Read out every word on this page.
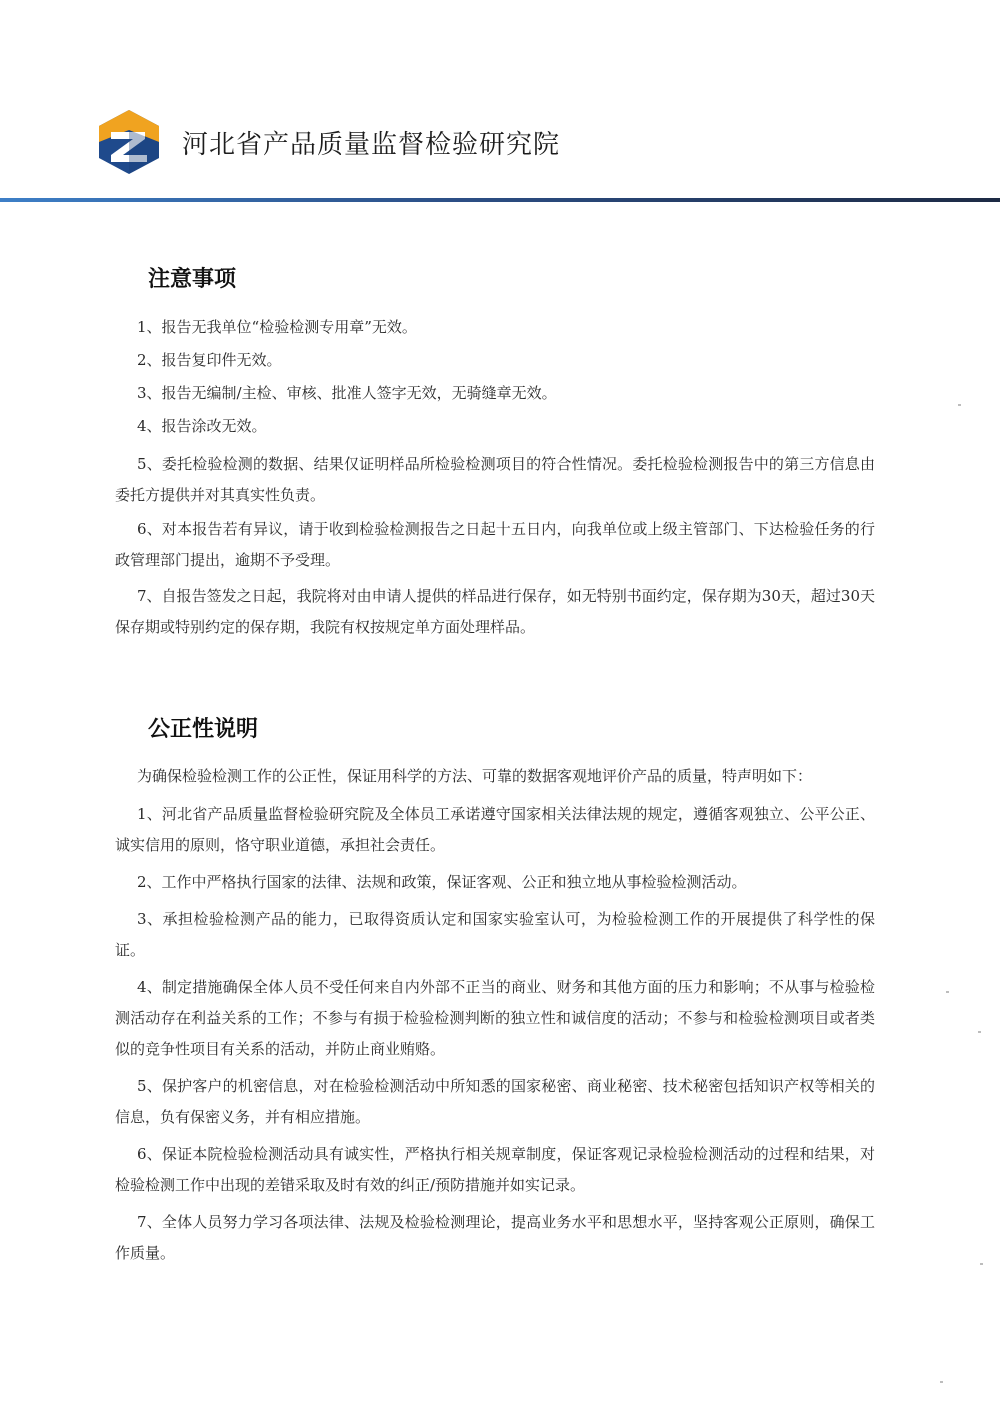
河北省产品质量监督检验研究院
注意事项

1、报告无我单位“检验检测专用章”无效。

2、报告复印件无效。

3、报告无编制/主检、审核、批准人签字无效，无骑缝章无效。

4、报告涂改无效。

5、委托检验检测的数据、结果仅证明样品所检验检测项目的符合性情况。委托检验检测报告中的第三方信息由委托方提供并对其真实性负责。

6、对本报告若有异议，请于收到检验检测报告之日起十五日内，向我单位或上级主管部门、下达检验任务的行政管理部门提出，逾期不予受理。

7、自报告签发之日起，我院将对由申请人提供的样品进行保存，如无特别书面约定，保存期为30天，超过30天保存期或特别约定的保存期，我院有权按规定单方面处理样品。

公正性说明

为确保检验检测工作的公正性，保证用科学的方法、可靠的数据客观地评价产品的质量，特声明如下：

1、河北省产品质量监督检验研究院及全体员工承诺遵守国家相关法律法规的规定，遵循客观独立、公平公正、诚实信用的原则，恪守职业道德，承担社会责任。

2、工作中严格执行国家的法律、法规和政策，保证客观、公正和独立地从事检验检测活动。

3、承担检验检测产品的能力，已取得资质认定和国家实验室认可，为检验检测工作的开展提供了科学性的保证。

4、制定措施确保全体人员不受任何来自内外部不正当的商业、财务和其他方面的压力和影响；不从事与检验检测活动存在利益关系的工作；不参与有损于检验检测判断的独立性和诚信度的活动；不参与和检验检测项目或者类似的竞争性项目有关系的活动，并防止商业贿赂。

5、保护客户的机密信息，对在检验检测活动中所知悉的国家秘密、商业秘密、技术秘密包括知识产权等相关的信息，负有保密义务，并有相应措施。

6、保证本院检验检测活动具有诚实性，严格执行相关规章制度，保证客观记录检验检测活动的过程和结果，对检验检测工作中出现的差错采取及时有效的纠正/预防措施并如实记录。

7、全体人员努力学习各项法律、法规及检验检测理论，提高业务水平和思想水平，坚持客观公正原则，确保工作质量。
